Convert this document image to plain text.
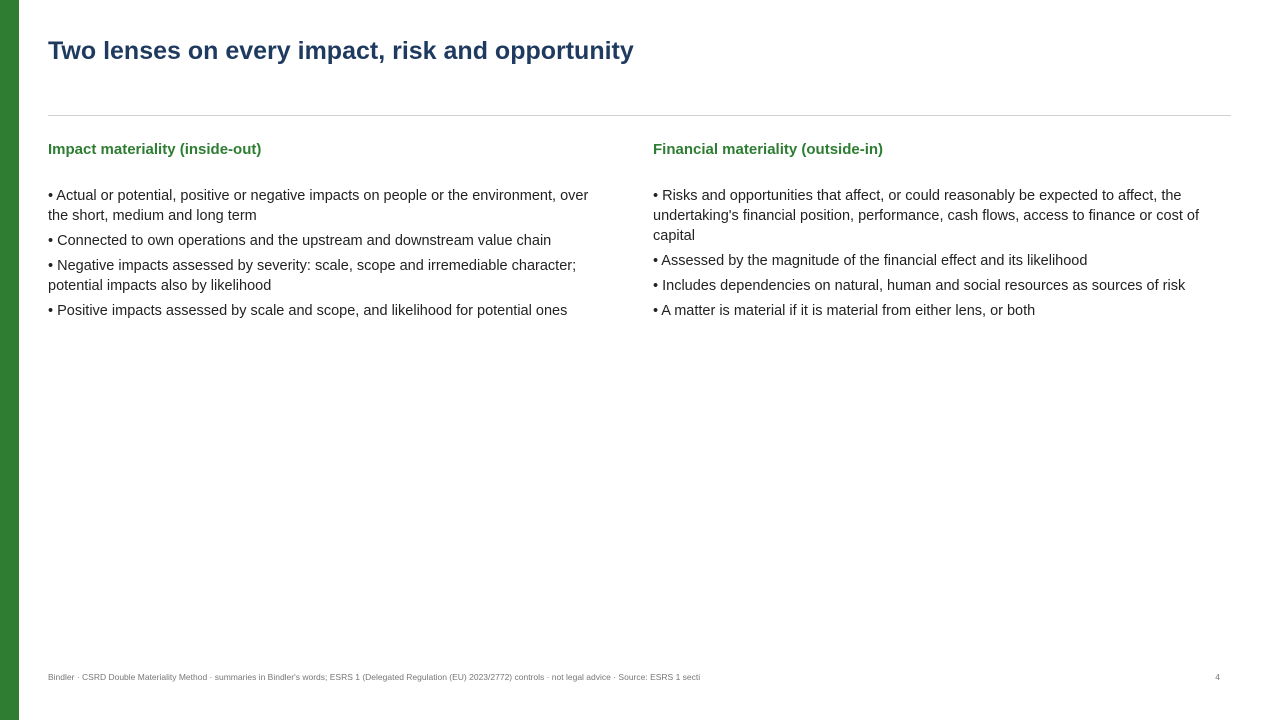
Two lenses on every impact, risk and opportunity
Impact materiality (inside-out)
• Actual or potential, positive or negative impacts on people or the environment, over the short, medium and long term
• Connected to own operations and the upstream and downstream value chain
• Negative impacts assessed by severity: scale, scope and irremediable character; potential impacts also by likelihood
• Positive impacts assessed by scale and scope, and likelihood for potential ones
Financial materiality (outside-in)
• Risks and opportunities that affect, or could reasonably be expected to affect, the undertaking's financial position, performance, cash flows, access to finance or cost of capital
• Assessed by the magnitude of the financial effect and its likelihood
• Includes dependencies on natural, human and social resources as sources of risk
• A matter is material if it is material from either lens, or both
Bindler · CSRD Double Materiality Method · summaries in Bindler's words; ESRS 1 (Delegated Regulation (EU) 2023/2772) controls · not legal advice · Source: ESRS 1 secti	4
